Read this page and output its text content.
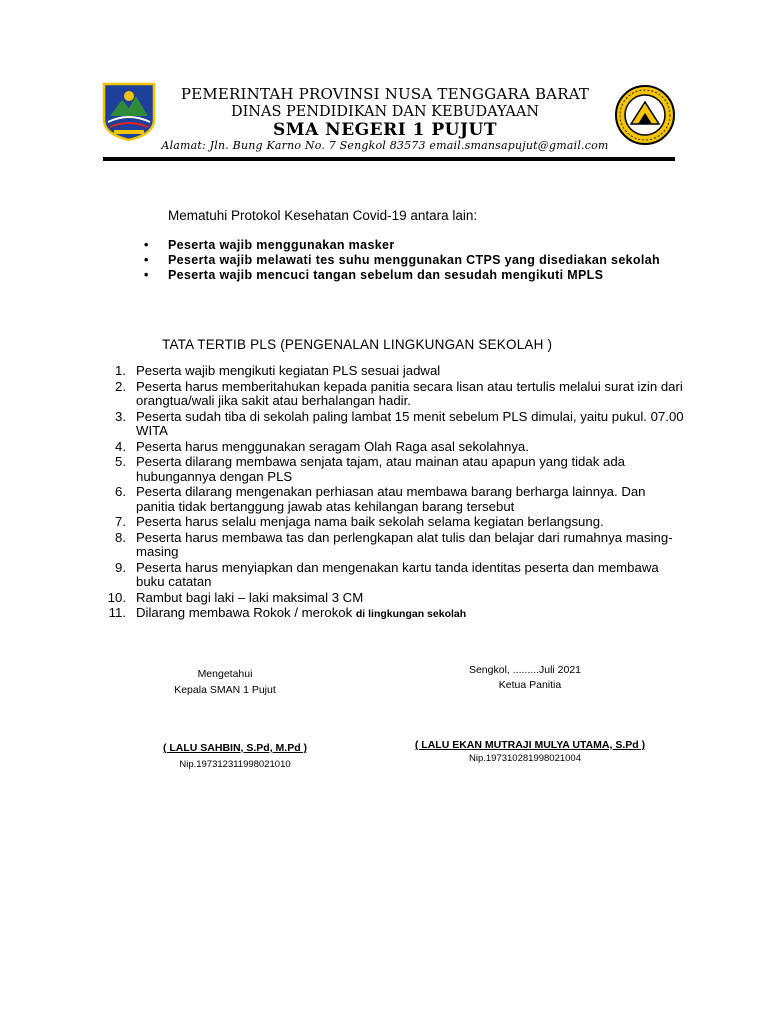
PEMERINTAH PROVINSI NUSA TENGGARA BARAT
DINAS PENDIDIKAN DAN KEBUDAYAAN
SMA NEGERI 1 PUJUT
Alamat: Jln. Bung Karno No. 7 Sengkol 83573 email.smansapujut@gmail.com
Mematuhi Protokol Kesehatan Covid-19 antara lain:
• Peserta wajib menggunakan masker
• Peserta wajib melawati tes suhu menggunakan CTPS yang disediakan sekolah
• Peserta wajib mencuci tangan sebelum dan sesudah mengikuti MPLS
TATA TERTIB PLS (PENGENALAN LINGKUNGAN SEKOLAH )
1. Peserta wajib mengikuti kegiatan PLS sesuai jadwal
2. Peserta harus memberitahukan kepada panitia secara lisan atau tertulis melalui surat izin dari orangtua/wali jika sakit atau berhalangan hadir.
3. Peserta sudah tiba di sekolah paling lambat 15 menit sebelum PLS dimulai, yaitu pukul. 07.00 WITA
4. Peserta harus menggunakan seragam Olah Raga asal sekolahnya.
5. Peserta dilarang membawa senjata tajam, atau mainan atau apapun yang tidak ada hubungannya dengan PLS
6. Peserta dilarang mengenakan perhiasan atau membawa barang berharga lainnya. Dan panitia tidak bertanggung jawab atas kehilangan barang tersebut
7. Peserta harus selalu menjaga nama baik sekolah selama kegiatan berlangsung.
8. Peserta harus membawa tas dan perlengkapan alat tulis dan belajar dari rumahnya masing-masing
9. Peserta harus menyiapkan dan mengenakan kartu tanda identitas peserta dan membawa buku catatan
10. Rambut bagi laki – laki maksimal 3 CM
11. Dilarang membawa Rokok / merokok di lingkungan sekolah
Mengetahui
Kepala SMAN 1 Pujut
( LALU SAHBIN, S.Pd, M.Pd )
Nip.197312311998021010
Sengkol, .........Juli 2021
Ketua Panitia
( LALU EKAN MUTRAJI MULYA UTAMA, S.Pd )
Nip.197310281998021004
